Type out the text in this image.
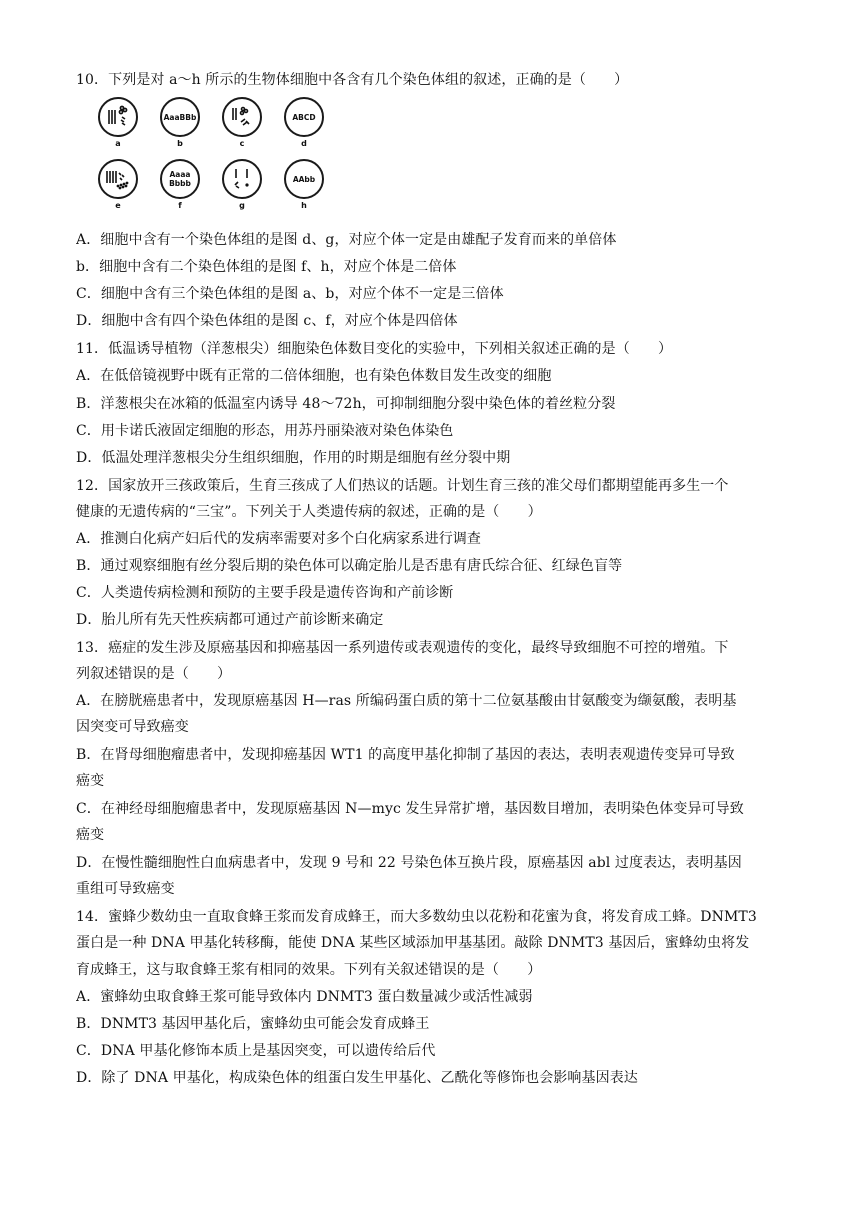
10．下列是对 a～h 所示的生物体细胞中各含有几个染色体组的叙述，正确的是（　　）
a
AaaBBb
b	c
ABCD
d
e
Aaaa
Bbbb
f	g
AAbb
h
A．细胞中含有一个染色体组的是图 d、g，对应个体一定是由雄配子发育而来的单倍体
b．细胞中含有二个染色体组的是图 f、h，对应个体是二倍体
C．细胞中含有三个染色体组的是图 a、b，对应个体不一定是三倍体
D．细胞中含有四个染色体组的是图 c、f，对应个体是四倍体
11．低温诱导植物（洋葱根尖）细胞染色体数目变化的实验中，下列相关叙述正确的是（　　）
A．在低倍镜视野中既有正常的二倍体细胞，也有染色体数目发生改变的细胞
B．洋葱根尖在冰箱的低温室内诱导 48～72h，可抑制细胞分裂中染色体的着丝粒分裂
C．用卡诺氏液固定细胞的形态，用苏丹丽染液对染色体染色
D．低温处理洋葱根尖分生组织细胞，作用的时期是细胞有丝分裂中期
12．国家放开三孩政策后，生育三孩成了人们热议的话题。计划生育三孩的准父母们都期望能再多生一个
健康的无遗传病的“三宝”。下列关于人类遗传病的叙述，正确的是（　　）
A．推测白化病产妇后代的发病率需要对多个白化病家系进行调查
B．通过观察细胞有丝分裂后期的染色体可以确定胎儿是否患有唐氏综合征、红绿色盲等
C．人类遗传病检测和预防的主要手段是遗传咨询和产前诊断
D．胎儿所有先天性疾病都可通过产前诊断来确定
13．癌症的发生涉及原癌基因和抑癌基因一系列遗传或表观遗传的变化，最终导致细胞不可控的增殖。下
列叙述错误的是（　　）
A．在膀胱癌患者中，发现原癌基因 H—ras 所编码蛋白质的第十二位氨基酸由甘氨酸变为缬氨酸，表明基
因突变可导致癌变
B．在肾母细胞瘤患者中，发现抑癌基因 WT1 的高度甲基化抑制了基因的表达，表明表观遗传变异可导致
癌变
C．在神经母细胞瘤患者中，发现原癌基因 N—myc 发生异常扩增，基因数目增加，表明染色体变异可导致
癌变
D．在慢性髓细胞性白血病患者中，发现 9 号和 22 号染色体互换片段，原癌基因 abl 过度表达，表明基因
重组可导致癌变
14．蜜蜂少数幼虫一直取食蜂王浆而发育成蜂王，而大多数幼虫以花粉和花蜜为食，将发育成工蜂。DNMT3
蛋白是一种 DNA 甲基化转移酶，能使 DNA 某些区域添加甲基基团。敲除 DNMT3 基因后，蜜蜂幼虫将发
育成蜂王，这与取食蜂王浆有相同的效果。下列有关叙述错误的是（　　）
A．蜜蜂幼虫取食蜂王浆可能导致体内 DNMT3 蛋白数量减少或活性减弱
B．DNMT3 基因甲基化后，蜜蜂幼虫可能会发育成蜂王
C．DNA 甲基化修饰本质上是基因突变，可以遗传给后代
D．除了 DNA 甲基化，构成染色体的组蛋白发生甲基化、乙酰化等修饰也会影响基因表达
